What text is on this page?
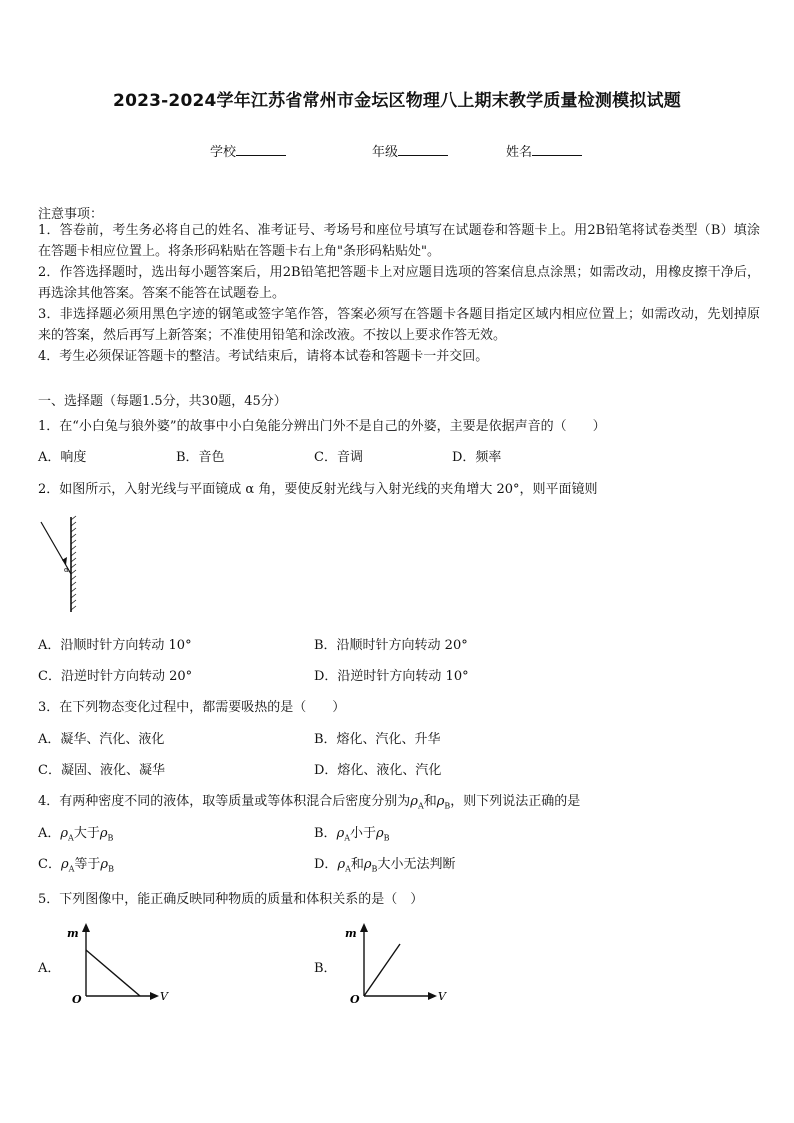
2023-2024学年江苏省常州市金坛区物理八上期末教学质量检测模拟试题
学校	年级	姓名
注意事项：
1．答卷前，考生务必将自己的姓名、准考证号、考场号和座位号填写在试题卷和答题卡上。用2B铅笔将试卷类型（B）填涂在答题卡相应位置上。将条形码粘贴在答题卡右上角"条形码粘贴处"。
2．作答选择题时，选出每小题答案后，用2B铅笔把答题卡上对应题目选项的答案信息点涂黑；如需改动，用橡皮擦干净后，再选涂其他答案。答案不能答在试题卷上。
3．非选择题必须用黑色字迹的钢笔或签字笔作答，答案必须写在答题卡各题目指定区域内相应位置上；如需改动，先划掉原来的答案，然后再写上新答案；不准使用铅笔和涂改液。不按以上要求作答无效。
4．考生必须保证答题卡的整洁。考试结束后，请将本试卷和答题卡一并交回。
一、选择题（每题1.5分，共30题，45分）
1．在“小白兔与狼外婆”的故事中小白兔能分辨出门外不是自己的外婆，主要是依据声音的（　　）
A．响度	B．音色	C．音调	D．频率
2．如图所示，入射光线与平面镜成 α 角，要使反射光线与入射光线的夹角增大 20°，则平面镜则
α
A．沿顺时针方向转动 10°	B．沿顺时针方向转动 20°
C．沿逆时针方向转动 20°	D．沿逆时针方向转动 10°
3．在下列物态变化过程中，都需要吸热的是（　　）
A．凝华、汽化、液化	B．熔化、汽化、升华
C．凝固、液化、凝华	D．熔化、液化、汽化
4．有两种密度不同的液体，取等质量或等体积混合后密度分别为$\rho_A$和$\rho_B$，则下列说法正确的是
A．$\rho_A$大于$\rho_B$	B．$\rho_A$小于$\rho_B$
C．$\rho_A$等于$\rho_B$	D．$\rho_A$和$\rho_B$大小无法判断
5．下列图像中，能正确反映同种物质的质量和体积关系的是（　）
A．
m
V
O
B．
m
V
O
